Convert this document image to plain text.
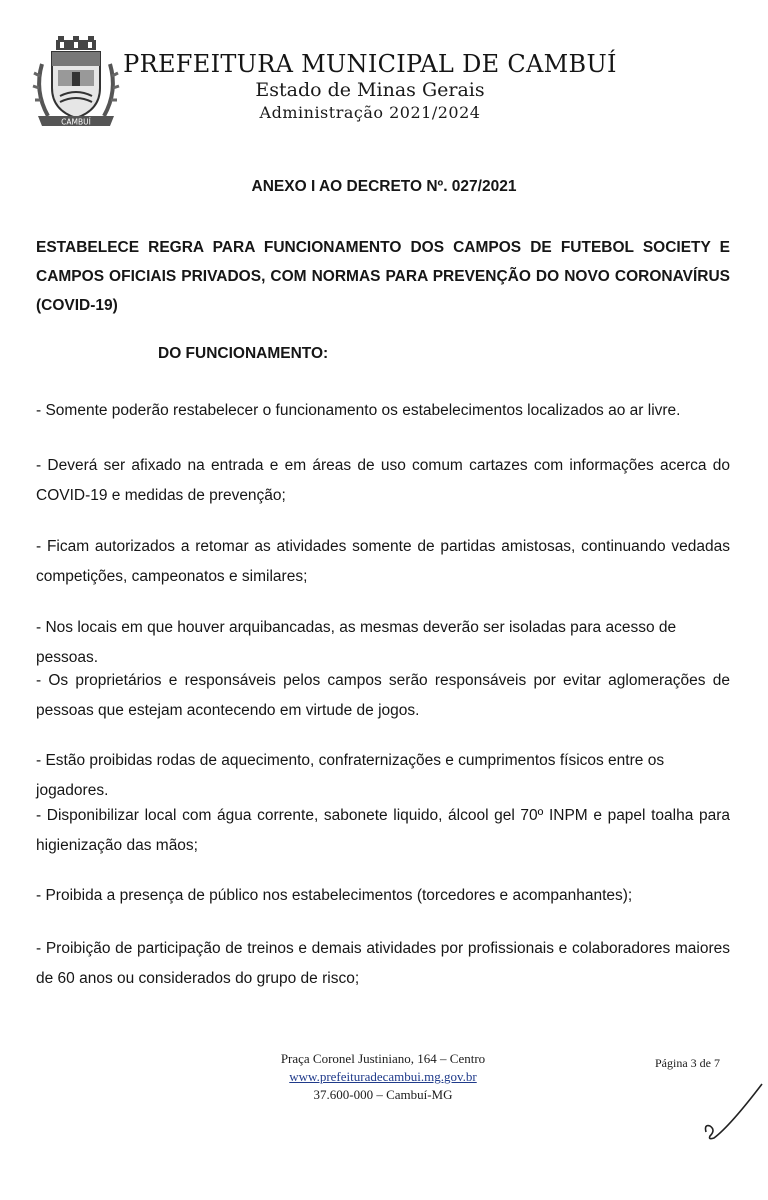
CAMBUÍ
PREFEITURA MUNICIPAL DE CAMBUÍ
Estado de Minas Gerais
Administração 2021/2024
ANEXO I AO DECRETO Nº. 027/2021
ESTABELECE REGRA PARA FUNCIONAMENTO DOS CAMPOS DE FUTEBOL SOCIETY E CAMPOS OFICIAIS PRIVADOS, COM NORMAS PARA PREVENÇÃO DO NOVO CORONAVÍRUS (COVID-19)
DO FUNCIONAMENTO:
- Somente poderão restabelecer o funcionamento os estabelecimentos localizados ao ar livre.
- Deverá ser afixado na entrada e em áreas de uso comum cartazes com informações acerca do COVID-19 e medidas de prevenção;
- Ficam autorizados a retomar as atividades somente de partidas amistosas, continuando vedadas competições, campeonatos e similares;
- Nos locais em que houver arquibancadas, as mesmas deverão ser isoladas para acesso de pessoas.
- Os proprietários e responsáveis pelos campos serão responsáveis por evitar aglomerações de pessoas que estejam acontecendo em virtude de jogos.
- Estão proibidas rodas de aquecimento, confraternizações e cumprimentos físicos entre os jogadores.
- Disponibilizar local com água corrente, sabonete liquido, álcool gel 70º INPM e papel toalha para higienização das mãos;
- Proibida a presença de público nos estabelecimentos (torcedores e acompanhantes);
- Proibição de participação de treinos e demais atividades por profissionais e colaboradores maiores de 60 anos ou considerados do grupo de risco;
Praça Coronel Justiniano, 164 – Centro
www.prefeituradecambui.mg.gov.br
37.600-000 – Cambuí-MG
Página 3 de 7
